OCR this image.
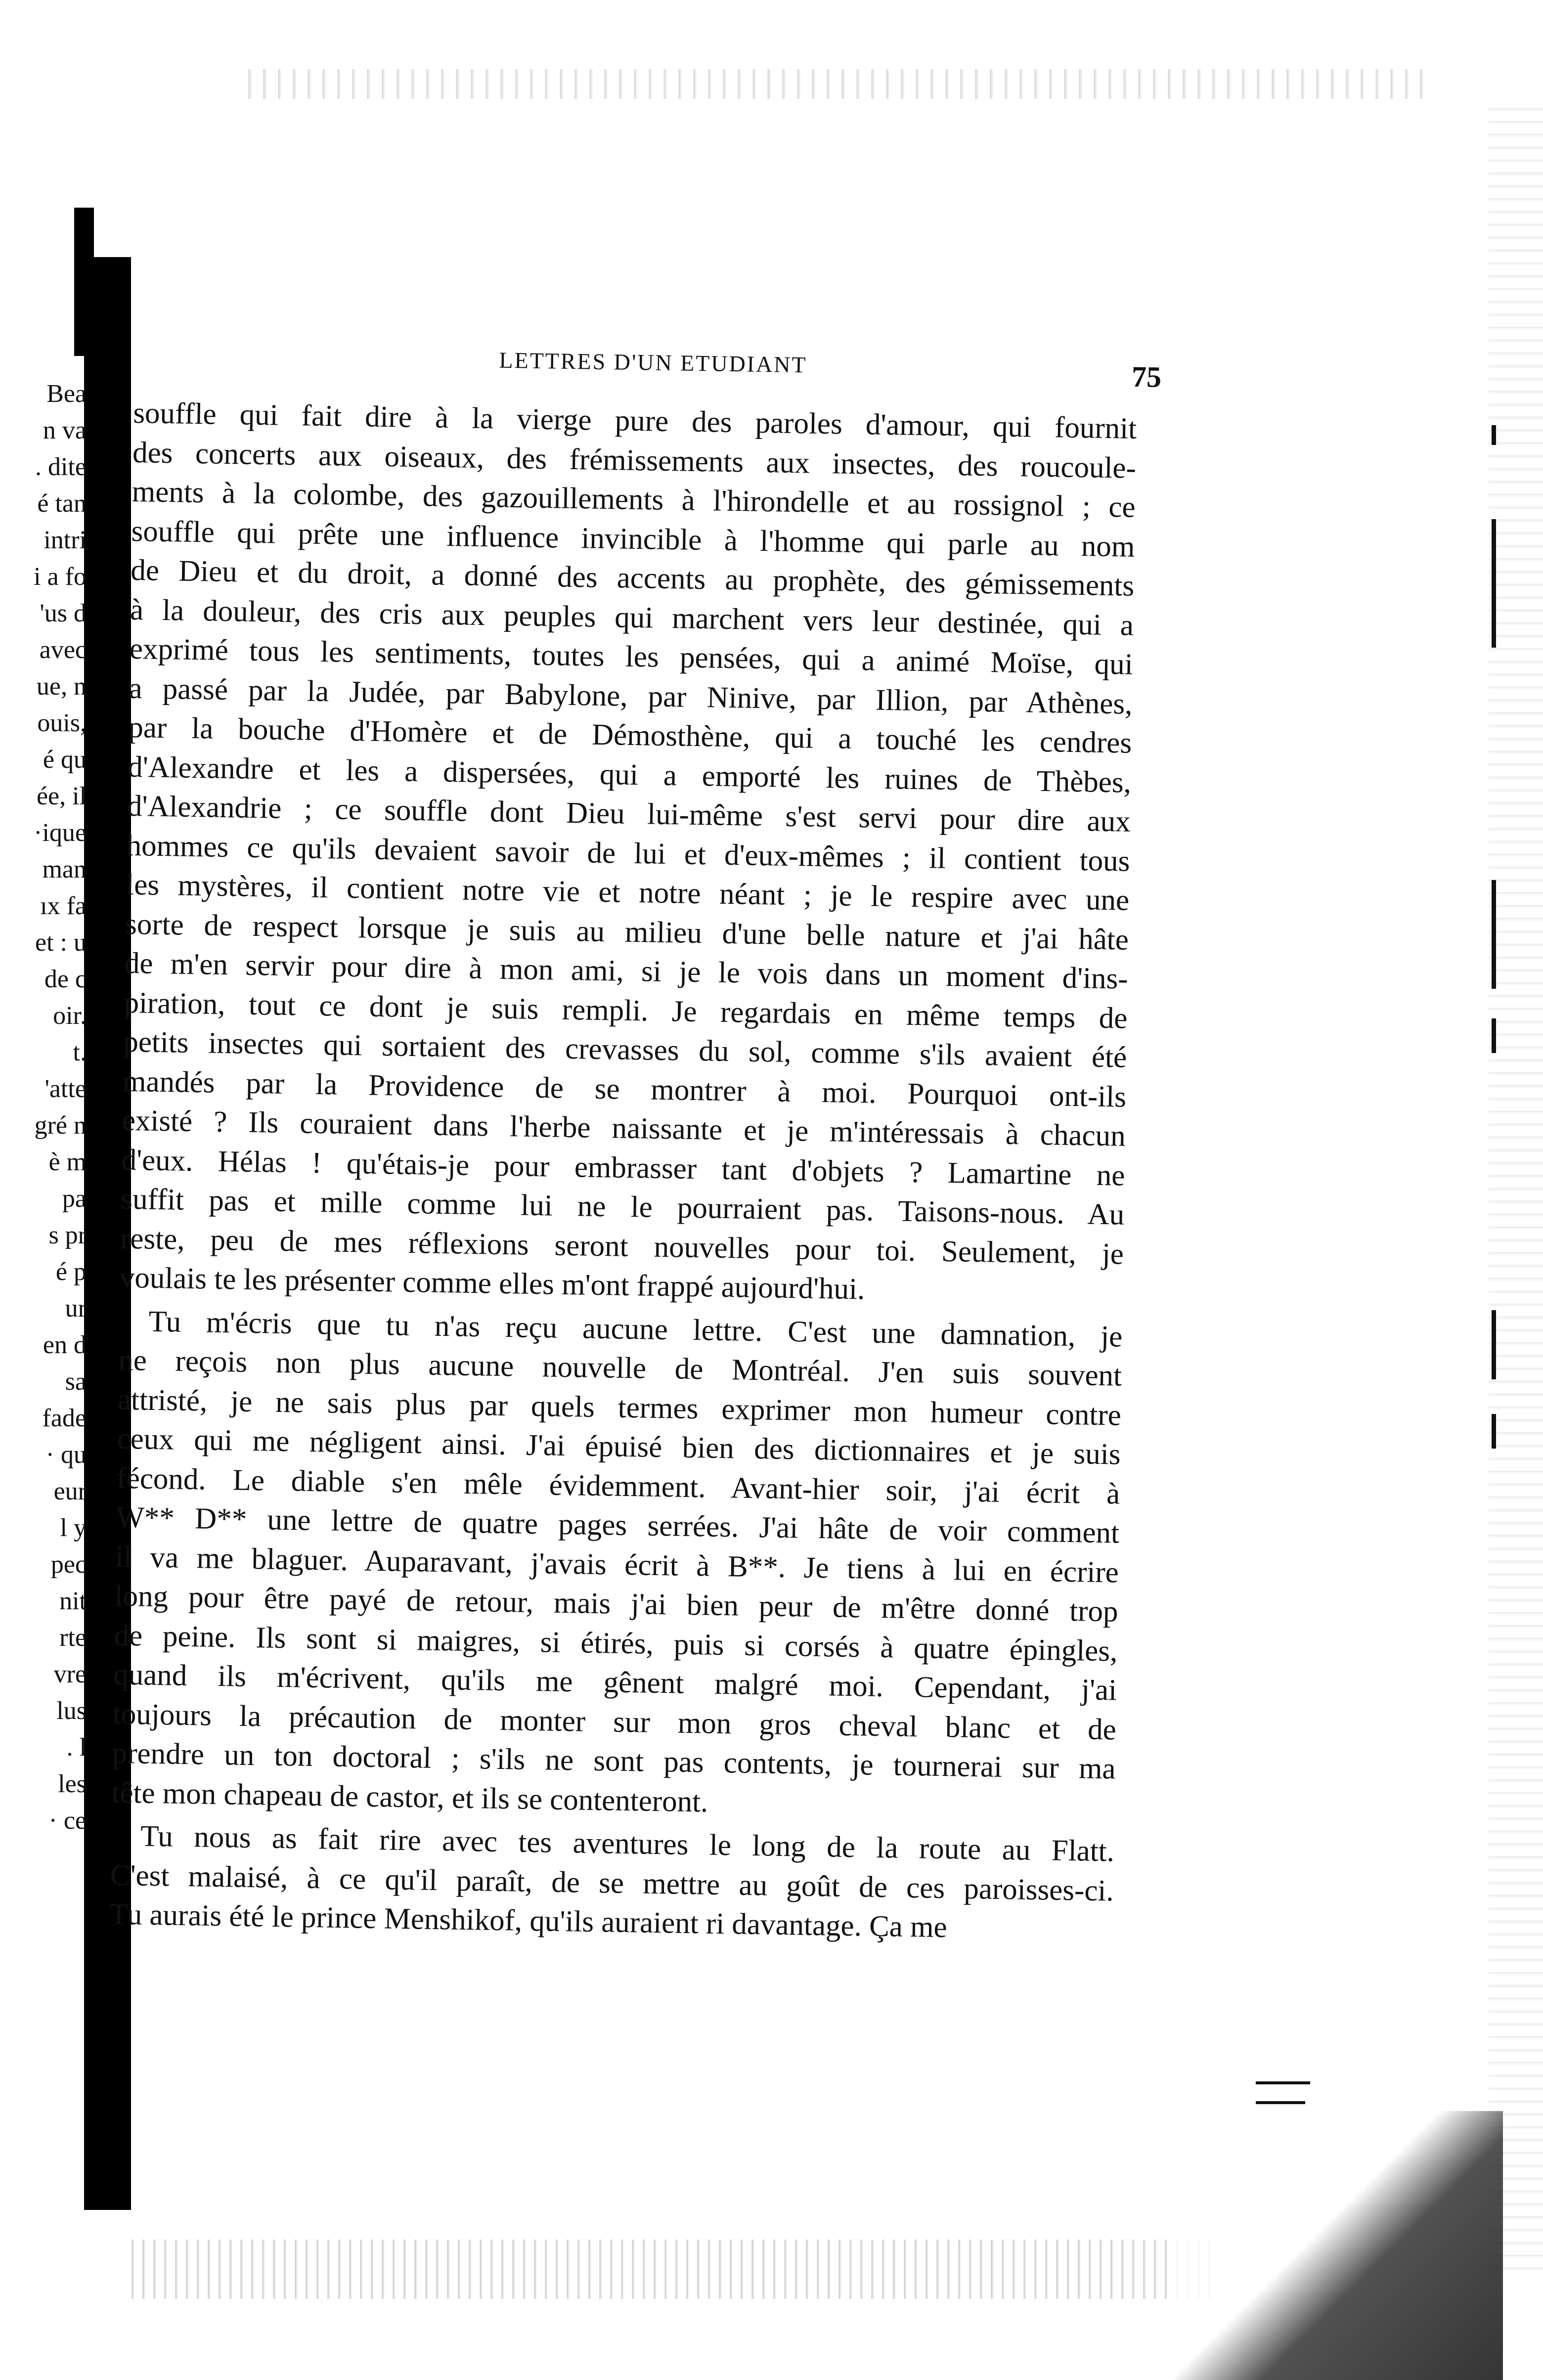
Bea
n va
. dite
é tan
intri
i a fo
'us d
avec
ue, n
ouis,
é qu
ée, il
·ique
man
ıx fa
et : u
de c
oir.
t.
'atte
gré n
è m
pa
s pr
é p
ur
en d
sa
fade
· qu
eur
l y
pec
nit
rte
vre
lus
. l
les
· ce
LETTRES D'UN ETUDIANT	75
souffle qui fait dire à la vierge pure des paroles d'amour, qui fournit
des concerts aux oiseaux, des frémissements aux insectes, des roucoule-
ments à la colombe, des gazouillements à l'hirondelle et au rossignol ; ce
souffle qui prête une influence invincible à l'homme qui parle au nom
de Dieu et du droit, a donné des accents au prophète, des gémissements
à la douleur, des cris aux peuples qui marchent vers leur destinée, qui a
exprimé tous les sentiments, toutes les pensées, qui a animé Moïse, qui
a passé par la Judée, par Babylone, par Ninive, par Illion, par Athènes,
par la bouche d'Homère et de Démosthène, qui a touché les cendres
d'Alexandre et les a dispersées, qui a emporté les ruines de Thèbes,
d'Alexandrie ; ce souffle dont Dieu lui-même s'est servi pour dire aux
hommes ce qu'ils devaient savoir de lui et d'eux-mêmes ; il contient tous
les mystères, il contient notre vie et notre néant ; je le respire avec une
sorte de respect lorsque je suis au milieu d'une belle nature et j'ai hâte
de m'en servir pour dire à mon ami, si je le vois dans un moment d'ins-
piration, tout ce dont je suis rempli. Je regardais en même temps de
petits insectes qui sortaient des crevasses du sol, comme s'ils avaient été
mandés par la Providence de se montrer à moi. Pourquoi ont-ils
existé ? Ils couraient dans l'herbe naissante et je m'intéressais à chacun
d'eux. Hélas ! qu'étais-je pour embrasser tant d'objets ? Lamartine ne
suffit pas et mille comme lui ne le pourraient pas. Taisons-nous. Au
reste, peu de mes réflexions seront nouvelles pour toi. Seulement, je
voulais te les présenter comme elles m'ont frappé aujourd'hui.
Tu m'écris que tu n'as reçu aucune lettre. C'est une damnation, je
ne reçois non plus aucune nouvelle de Montréal. J'en suis souvent
attristé, je ne sais plus par quels termes exprimer mon humeur contre
ceux qui me négligent ainsi. J'ai épuisé bien des dictionnaires et je suis
fécond. Le diable s'en mêle évidemment. Avant-hier soir, j'ai écrit à
W** D** une lettre de quatre pages serrées. J'ai hâte de voir comment
il va me blaguer. Auparavant, j'avais écrit à B**. Je tiens à lui en écrire
long pour être payé de retour, mais j'ai bien peur de m'être donné trop
de peine. Ils sont si maigres, si étirés, puis si corsés à quatre épingles,
quand ils m'écrivent, qu'ils me gênent malgré moi. Cependant, j'ai
toujours la précaution de monter sur mon gros cheval blanc et de
prendre un ton doctoral ; s'ils ne sont pas contents, je tournerai sur ma
tête mon chapeau de castor, et ils se contenteront.
Tu nous as fait rire avec tes aventures le long de la route au Flatt.
C'est malaisé, à ce qu'il paraît, de se mettre au goût de ces paroisses-ci.
Tu aurais été le prince Menshikof, qu'ils auraient ri davantage. Ça me
